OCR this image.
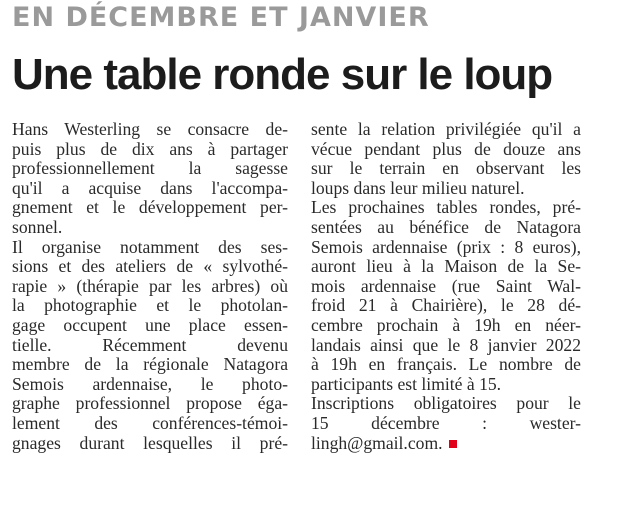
EN DÉCEMBRE ET JANVIER
Une table ronde sur le loup
Hans Westerling se consacre de-
puis plus de dix ans à partager
professionnellement la sagesse
qu'il a acquise dans l'accompa-
gnement et le développement per-
sonnel.
Il organise notamment des ses-
sions et des ateliers de « sylvothé-
rapie » (thérapie par les arbres) où
la photographie et le photolan-
gage occupent une place essen-
tielle. Récemment devenu
membre de la régionale Natagora
Semois ardennaise, le photo-
graphe professionnel propose éga-
lement des conférences-témoi-
gnages durant lesquelles il pré-
sente la relation privilégiée qu'il a
vécue pendant plus de douze ans
sur le terrain en observant les
loups dans leur milieu naturel.
Les prochaines tables rondes, pré-
sentées au bénéfice de Natagora
Semois ardennaise (prix : 8 euros),
auront lieu à la Maison de la Se-
mois ardennaise (rue Saint Wal-
froid 21 à Chairière), le 28 dé-
cembre prochain à 19h en néer-
landais ainsi que le 8 janvier 2022
à 19h en français. Le nombre de
participants est limité à 15.
Inscriptions obligatoires pour le
15 décembre : wester-
lingh@gmail.com.
